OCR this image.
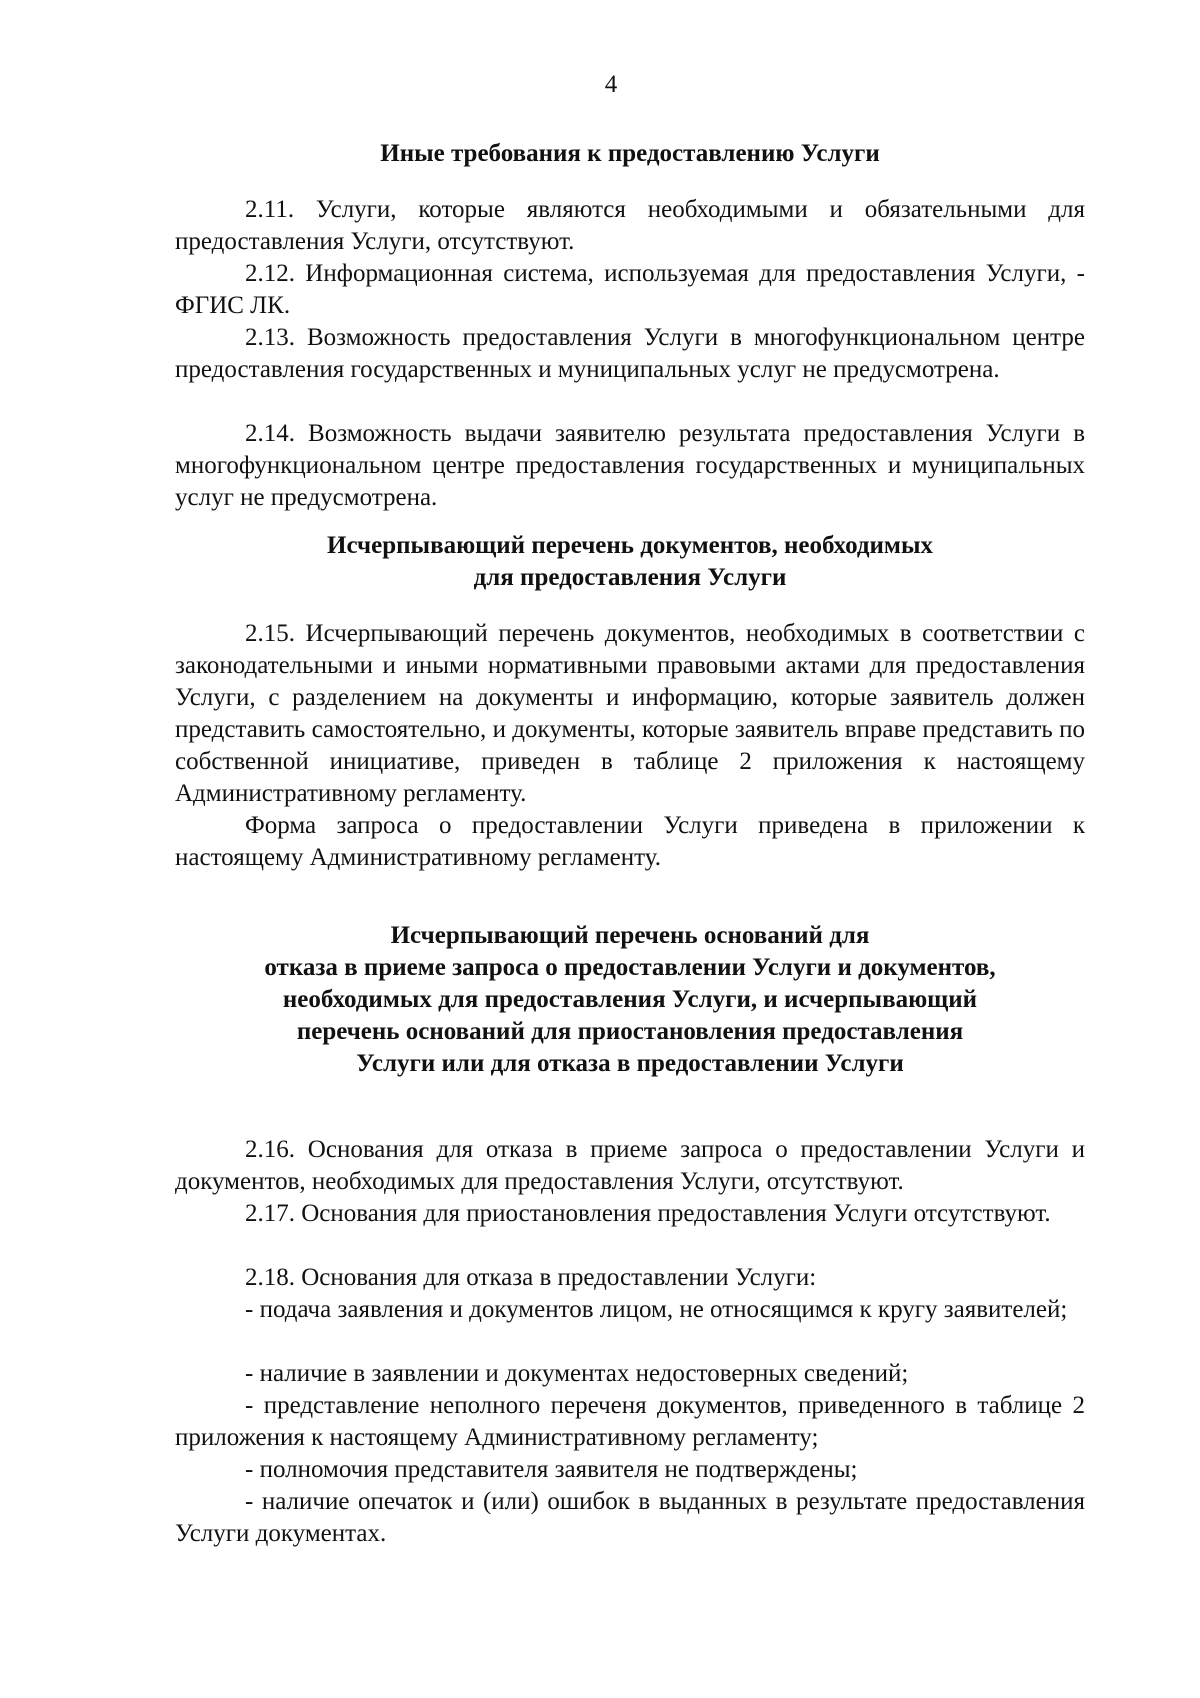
4
Иные требования к предоставлению Услуги

2.11. Услуги, которые являются необходимыми и обязательными для предоставления Услуги, отсутствуют.

2.12. Информационная система, используемая для предоставления Услуги, - ФГИС ЛК.

2.13. Возможность предоставления Услуги в многофункциональном центре предоставления государственных и муниципальных услуг не предусмотрена.

2.14. Возможность выдачи заявителю результата предоставления Услуги в многофункциональном центре предоставления государственных и муниципальных услуг не предусмотрена.

Исчерпывающий перечень документов, необходимых
для предоставления Услуги

2.15. Исчерпывающий перечень документов, необходимых в соответствии с законодательными и иными нормативными правовыми актами для предоставления Услуги, с разделением на документы и информацию, которые заявитель должен представить самостоятельно, и документы, которые заявитель вправе представить по собственной инициативе, приведен в таблице 2 приложения к настоящему Административному регламенту.

Форма запроса о предоставлении Услуги приведена в приложении к настоящему Административному регламенту.

Исчерпывающий перечень оснований для
отказа в приеме запроса о предоставлении Услуги и документов,
необходимых для предоставления Услуги, и исчерпывающий
перечень оснований для приостановления предоставления
Услуги или для отказа в предоставлении Услуги

2.16. Основания для отказа в приеме запроса о предоставлении Услуги и документов, необходимых для предоставления Услуги, отсутствуют.

2.17. Основания для приостановления предоставления Услуги отсутствуют.

2.18. Основания для отказа в предоставлении Услуги:

- подача заявления и документов лицом, не относящимся к кругу заявителей;

- наличие в заявлении и документах недостоверных сведений;

- представление неполного переченя документов, приведенного в таблице 2 приложения к настоящему Административному регламенту;

- полномочия представителя заявителя не подтверждены;

- наличие опечаток и (или) ошибок в выданных в результате предоставления Услуги документах.
